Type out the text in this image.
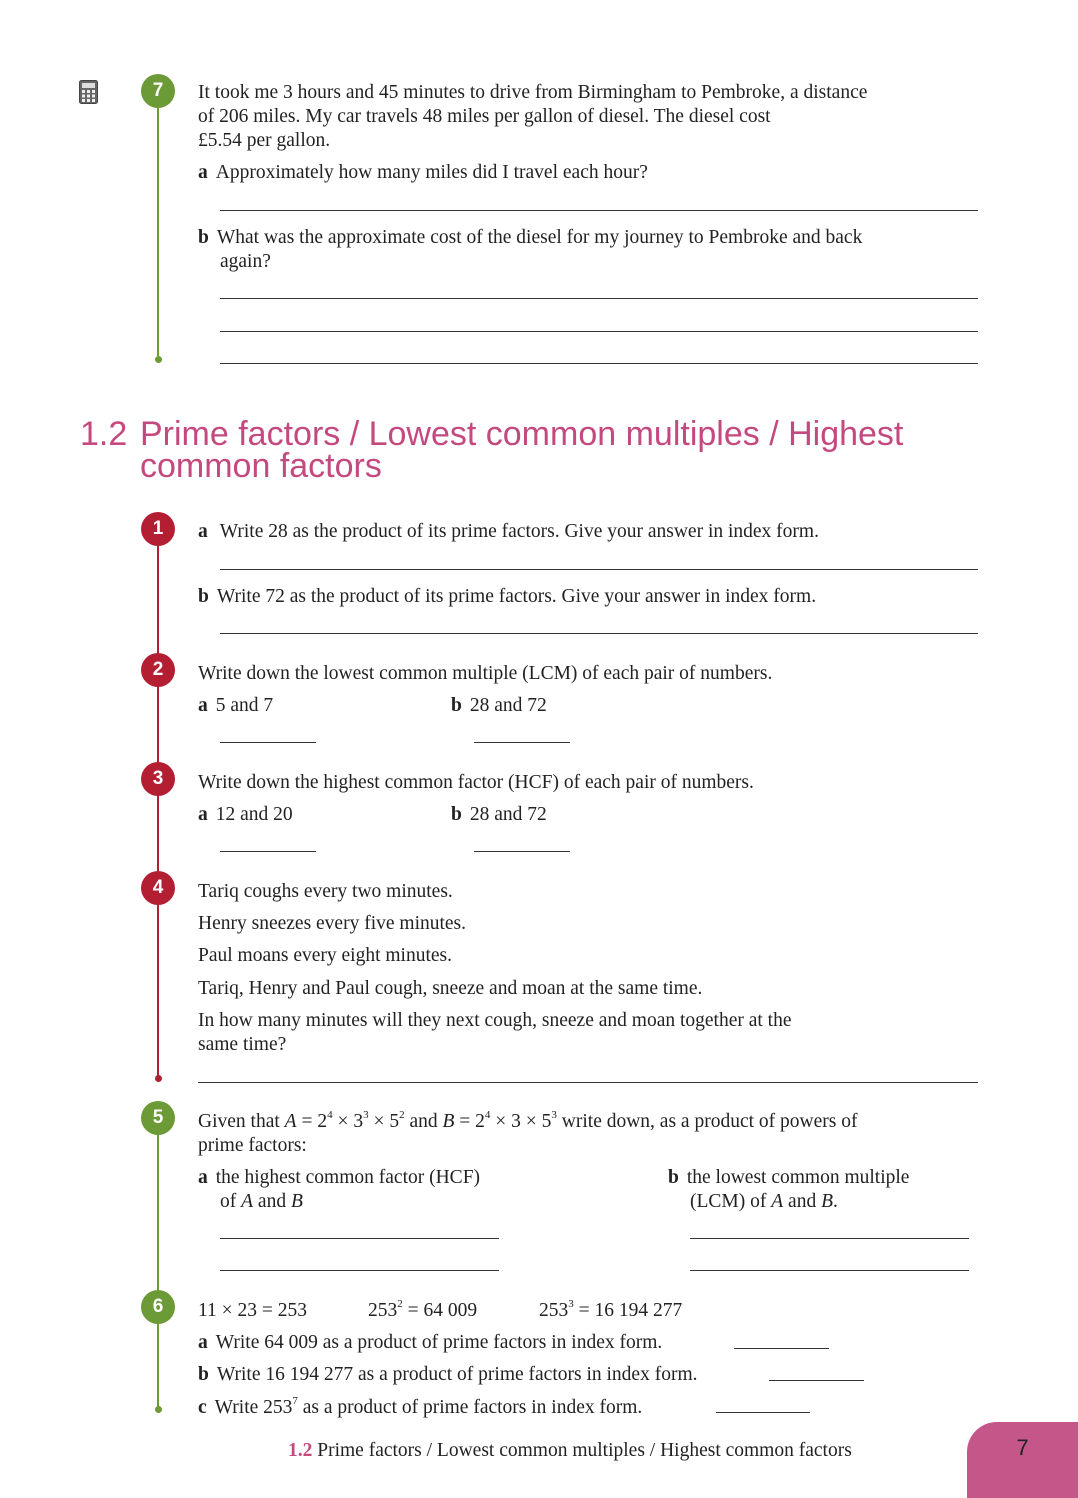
7	It took me 3 hours and 45 minutes to drive from Birmingham to Pembroke, a distance
of 206 miles. My car travels 48 miles per gallon of diesel. The diesel cost
£5.54 per gallon.
a Approximately how many miles did I travel each hour?
b What was the approximate cost of the diesel for my journey to Pembroke and back
again?
1.2 Prime factors / Lowest common multiples / Highest
common factors
1	a Write 28 as the product of its prime factors. Give your answer in index form.
b Write 72 as the product of its prime factors. Give your answer in index form.
2	Write down the lowest common multiple (LCM) of each pair of numbers.
a 5 and 7	b 28 and 72
3	Write down the highest common factor (HCF) of each pair of numbers.
a 12 and 20	b 28 and 72
4	Tariq coughs every two minutes.
Henry sneezes every five minutes.
Paul moans every eight minutes.
Tariq, Henry and Paul cough, sneeze and moan at the same time.
In how many minutes will they next cough, sneeze and moan together at the
same time?
5	Given that $A = 2^4 \times 3^3 \times 5^2$ and $B = 2^4 \times 3 \times 5^3$ write down, as a product of powers of
prime factors:
a the highest common factor (HCF)
of A and B
b the lowest common multiple
(LCM) of A and B.
6	11 × 23 = 253	$253^2 = 64$ 009	$253^3 = 16$ 194 277
a Write 64 009 as a product of prime factors in index form.
b Write 16 194 277 as a product of prime factors in index form.
c Write $253^7$ as a product of prime factors in index form.
1.2 Prime factors / Lowest common multiples / Highest common factors	7
